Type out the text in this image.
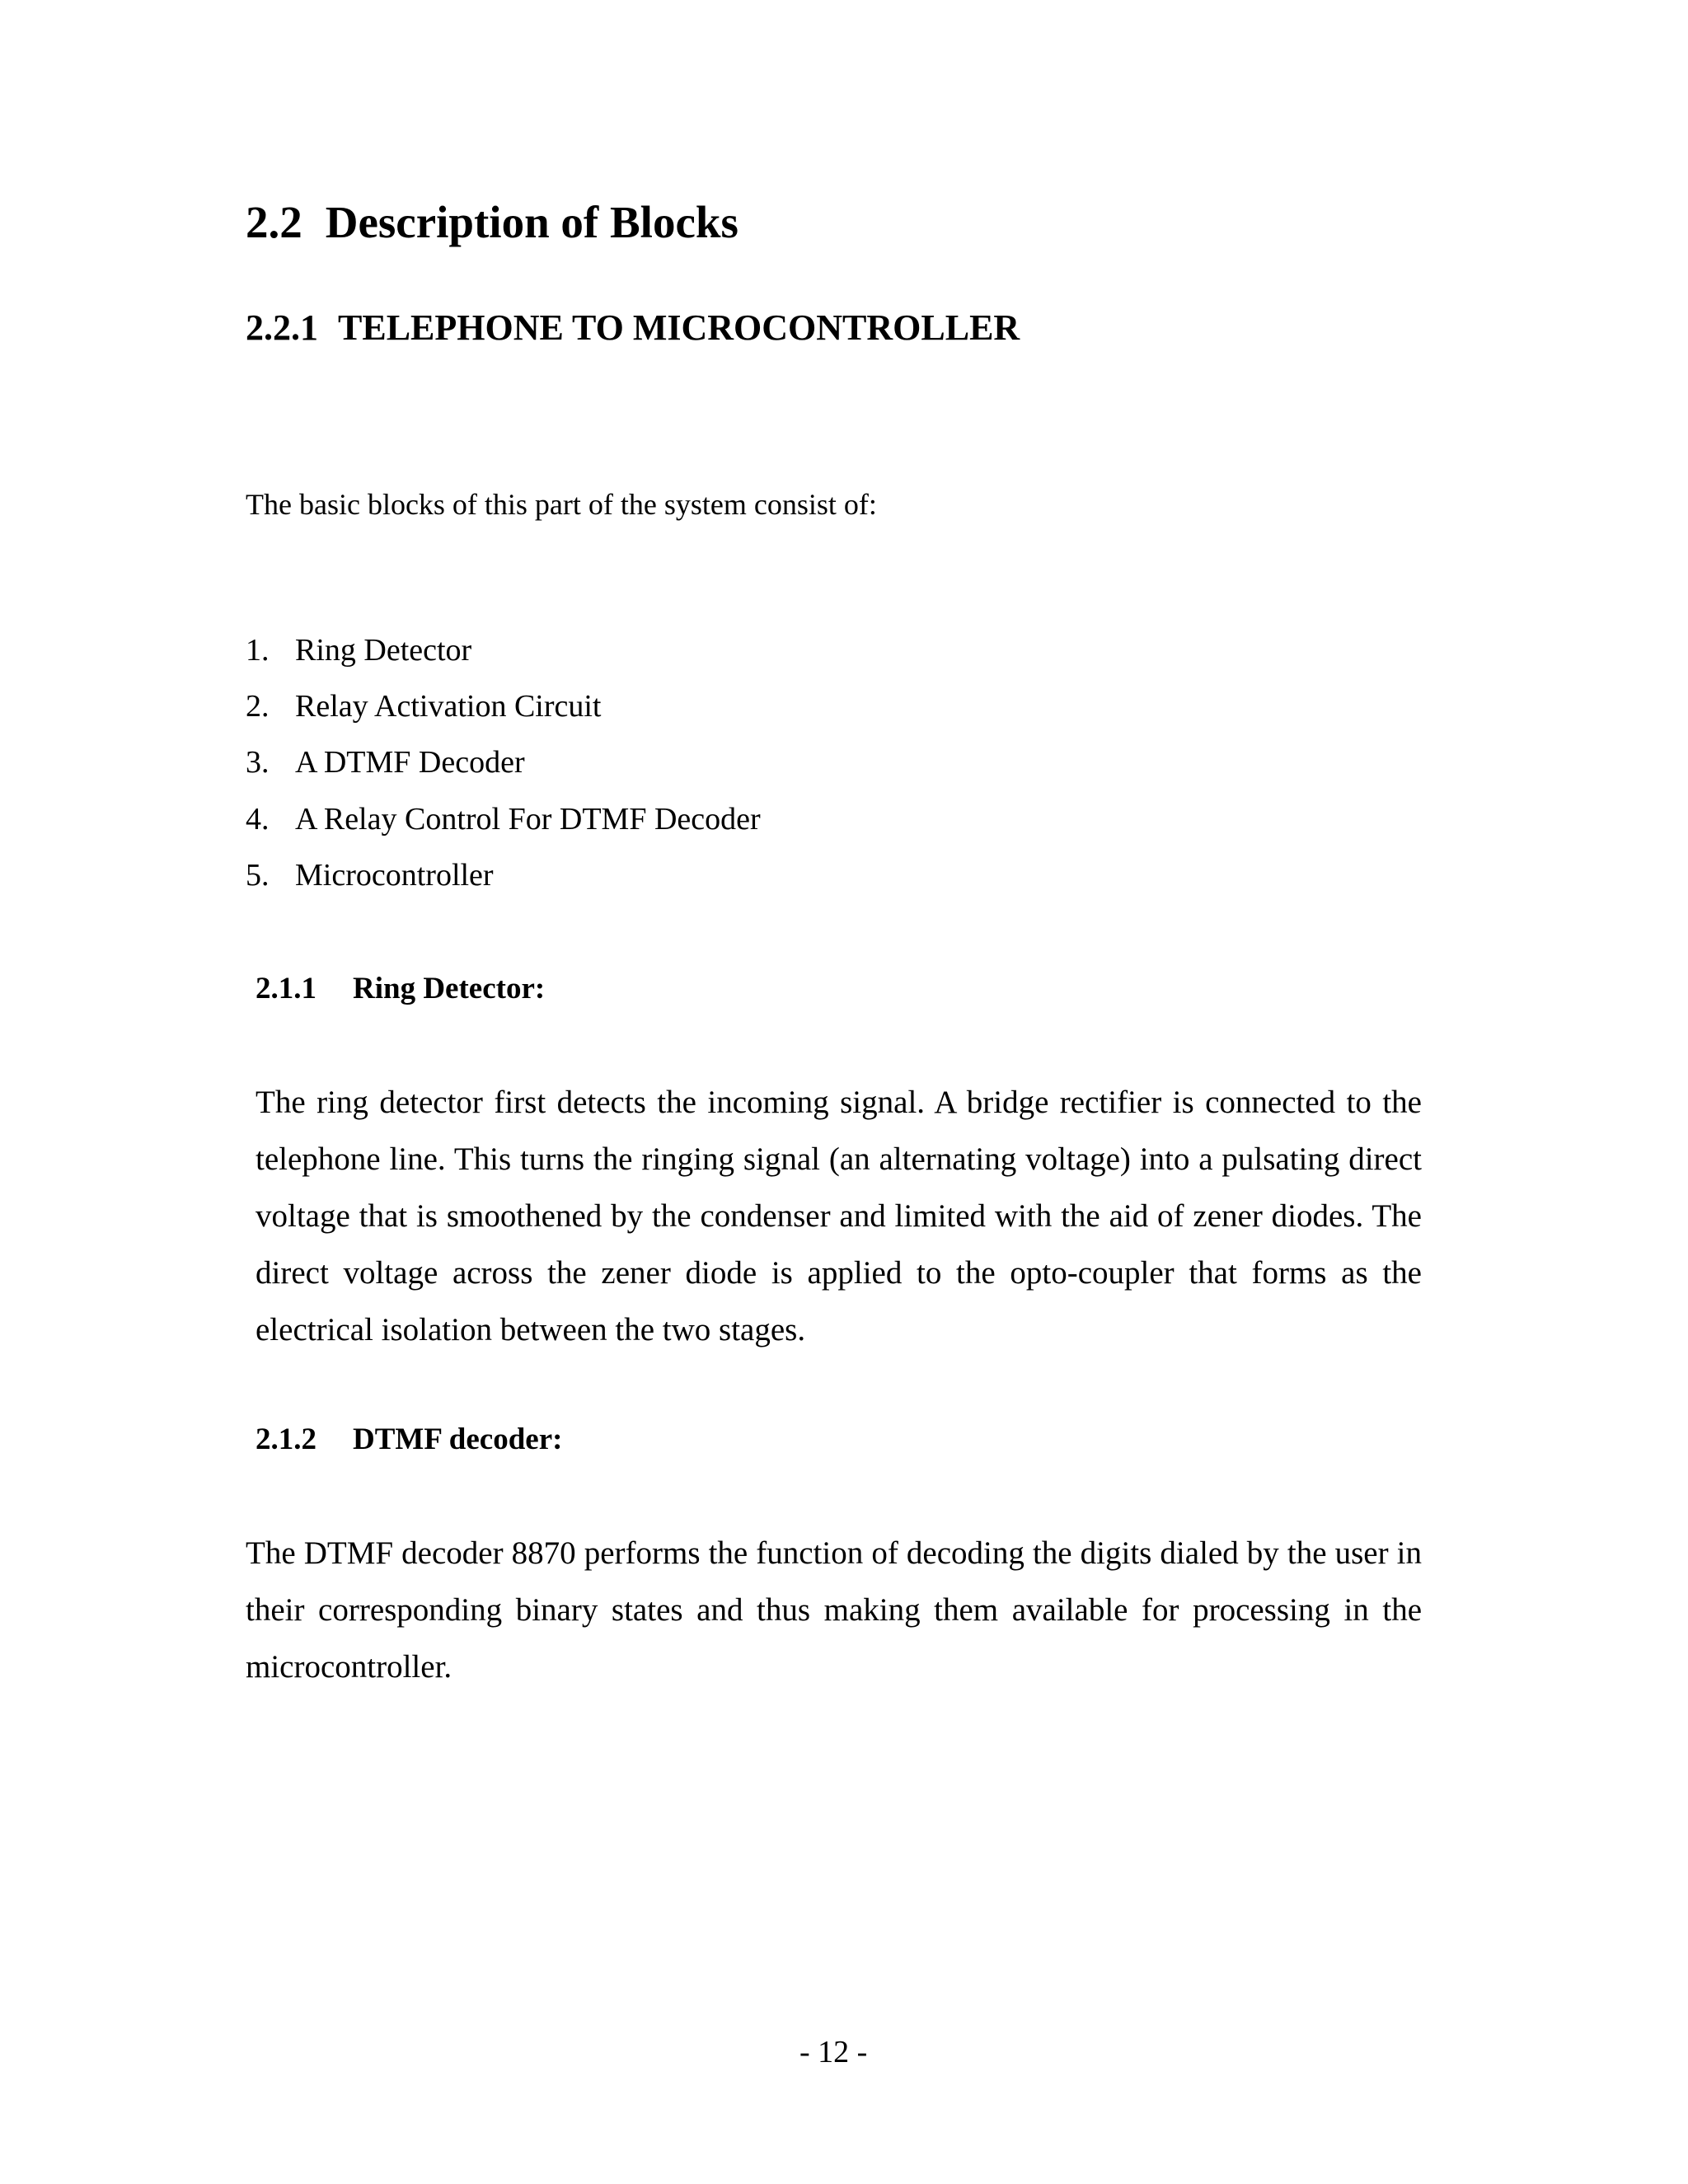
2.2 Description of Blocks
2.2.1 TELEPHONE TO MICROCONTROLLER
The basic blocks of this part of the system consist of:
1. Ring Detector
2. Relay Activation Circuit
3. A DTMF Decoder
4. A Relay Control For DTMF Decoder
5. Microcontroller
2.1.1 Ring Detector:
The ring detector first detects the incoming signal. A bridge rectifier is connected to the telephone line. This turns the ringing signal (an alternating voltage) into a pulsating direct voltage that is smoothened by the condenser and limited with the aid of zener diodes. The direct voltage across the zener diode is applied to the opto-coupler that forms as the electrical isolation between the two stages.
2.1.2 DTMF decoder:
The DTMF decoder 8870 performs the function of decoding the digits dialed by the user in their corresponding binary states and thus making them available for processing in the microcontroller.
- 12 -
